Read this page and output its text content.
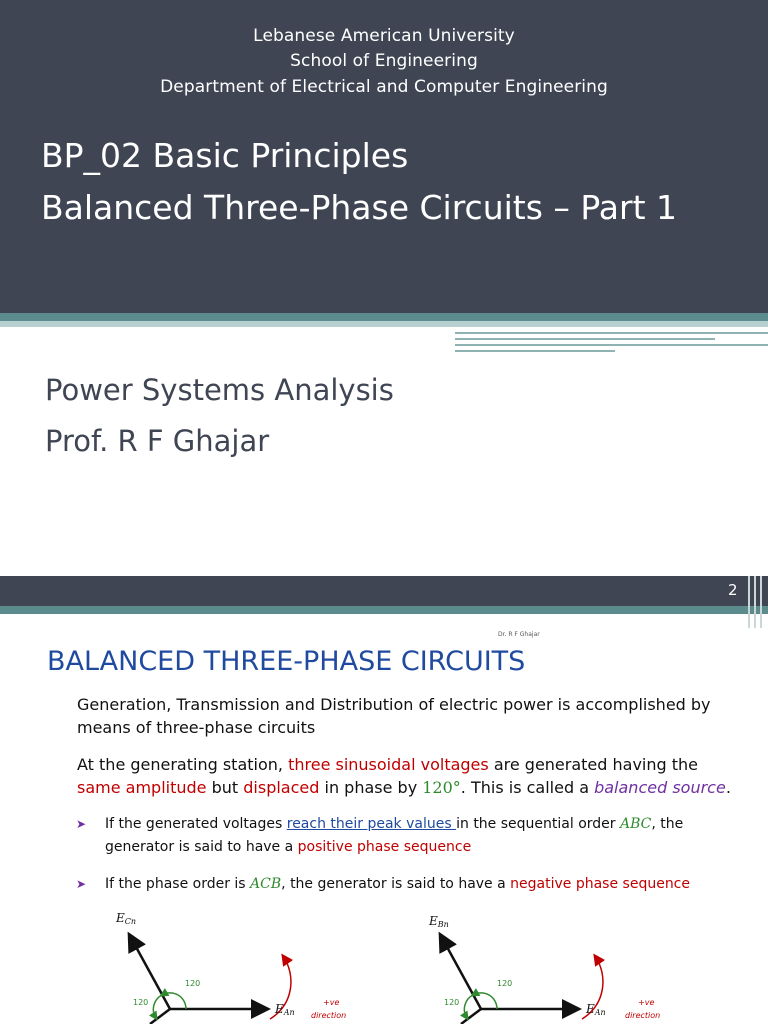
Lebanese American University
School of Engineering
Department of Electrical and Computer Engineering
BP_02 Basic Principles
Balanced Three-Phase Circuits – Part 1
Power Systems Analysis
Prof. R F Ghajar
2
Dr. R F Ghajar
BALANCED THREE-PHASE CIRCUITS
Generation, Transmission and Distribution of electric power is accomplished by means of three-phase circuits
At the generating station, three sinusoidal voltages are generated having the same amplitude but displaced in phase by 120°. This is called a balanced source.
➤ If the generated voltages reach their peak values in the sequential order ABC, the generator is said to have a positive phase sequence
➤ If the phase order is ACB, the generator is said to have a negative phase sequence
ECn
EAn
120
120	+ve
direction
EBn
EAn
120
120	+ve
direction
